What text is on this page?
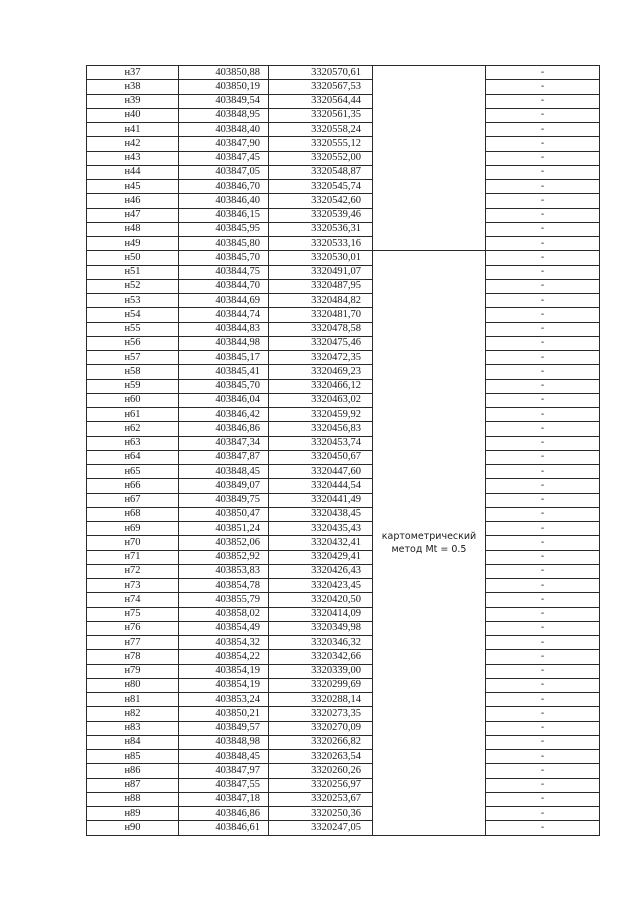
н37	403850,88	3320570,61		-
н38	403850,19	3320567,53		-
н39	403849,54	3320564,44		-
н40	403848,95	3320561,35		-
н41	403848,40	3320558,24		-
н42	403847,90	3320555,12		-
н43	403847,45	3320552,00		-
н44	403847,05	3320548,87		-
н45	403846,70	3320545,74		-
н46	403846,40	3320542,60		-
н47	403846,15	3320539,46		-
н48	403845,95	3320536,31		-
н49	403845,80	3320533,16		-
н50	403845,70	3320530,01	картометрический метод Mt = 0.5	-
н51	403844,75	3320491,07		-
н52	403844,70	3320487,95		-
н53	403844,69	3320484,82		-
н54	403844,74	3320481,70		-
н55	403844,83	3320478,58		-
н56	403844,98	3320475,46		-
н57	403845,17	3320472,35		-
н58	403845,41	3320469,23		-
н59	403845,70	3320466,12		-
н60	403846,04	3320463,02		-
н61	403846,42	3320459,92		-
н62	403846,86	3320456,83		-
н63	403847,34	3320453,74		-
н64	403847,87	3320450,67		-
н65	403848,45	3320447,60		-
н66	403849,07	3320444,54		-
н67	403849,75	3320441,49		-
н68	403850,47	3320438,45		-
н69	403851,24	3320435,43		-
н70	403852,06	3320432,41		-
н71	403852,92	3320429,41		-
н72	403853,83	3320426,43		-
н73	403854,78	3320423,45		-
н74	403855,79	3320420,50		-
н75	403858,02	3320414,09		-
н76	403854,49	3320349,98		-
н77	403854,32	3320346,32		-
н78	403854,22	3320342,66		-
н79	403854,19	3320339,00		-
н80	403854,19	3320299,69		-
н81	403853,24	3320288,14		-
н82	403850,21	3320273,35		-
н83	403849,57	3320270,09		-
н84	403848,98	3320266,82		-
н85	403848,45	3320263,54		-
н86	403847,97	3320260,26		-
н87	403847,55	3320256,97		-
н88	403847,18	3320253,67		-
н89	403846,86	3320250,36		-
н90	403846,61	3320247,05		-
